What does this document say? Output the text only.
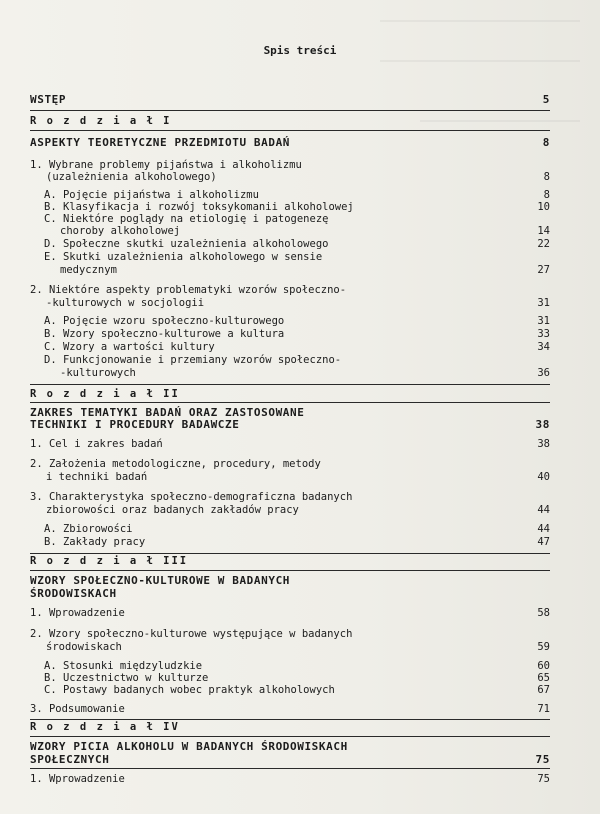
Spis treści
WSTĘP	5
R o z d z i a ł I
ASPEKTY TEORETYCZNE PRZEDMIOTU BADAŃ	8
1. Wybrane problemy pijaństwa i alkoholizmu
(uzależnienia alkoholowego)	8
A. Pojęcie pijaństwa i alkoholizmu	8
B. Klasyfikacja i rozwój toksykomanii alkoholowej	10
C. Niektóre poglądy na etiologię i patogenezę
choroby alkoholowej	14
D. Społeczne skutki uzależnienia alkoholowego	22
E. Skutki uzależnienia alkoholowego w sensie
medycznym	27
2. Niektóre aspekty problematyki wzorów społeczno-
-kulturowych w socjologii	31
A. Pojęcie wzoru społeczno-kulturowego	31
B. Wzory społeczno-kulturowe a kultura	33
C. Wzory a wartości kultury	34
D. Funkcjonowanie i przemiany wzorów społeczno-
-kulturowych	36
R o z d z i a ł II
ZAKRES TEMATYKI BADAŃ ORAZ ZASTOSOWANE
TECHNIKI I PROCEDURY BADAWCZE	38
1. Cel i zakres badań	38
2. Założenia metodologiczne, procedury, metody
i techniki badań	40
3. Charakterystyka społeczno-demograficzna badanych
zbiorowości oraz badanych zakładów pracy	44
A. Zbiorowości	44
B. Zakłady pracy	47
R o z d z i a ł III
WZORY SPOŁECZNO-KULTUROWE W BADANYCH
ŚRODOWISKACH
1. Wprowadzenie	58
2. Wzory społeczno-kulturowe występujące w badanych
środowiskach	59
A. Stosunki międzyludzkie	60
B. Uczestnictwo w kulturze	65
C. Postawy badanych wobec praktyk alkoholowych	67
3. Podsumowanie	71
R o z d z i a ł IV
WZORY PICIA ALKOHOLU W BADANYCH ŚRODOWISKACH
SPOŁECZNYCH	75
1. Wprowadzenie	75
